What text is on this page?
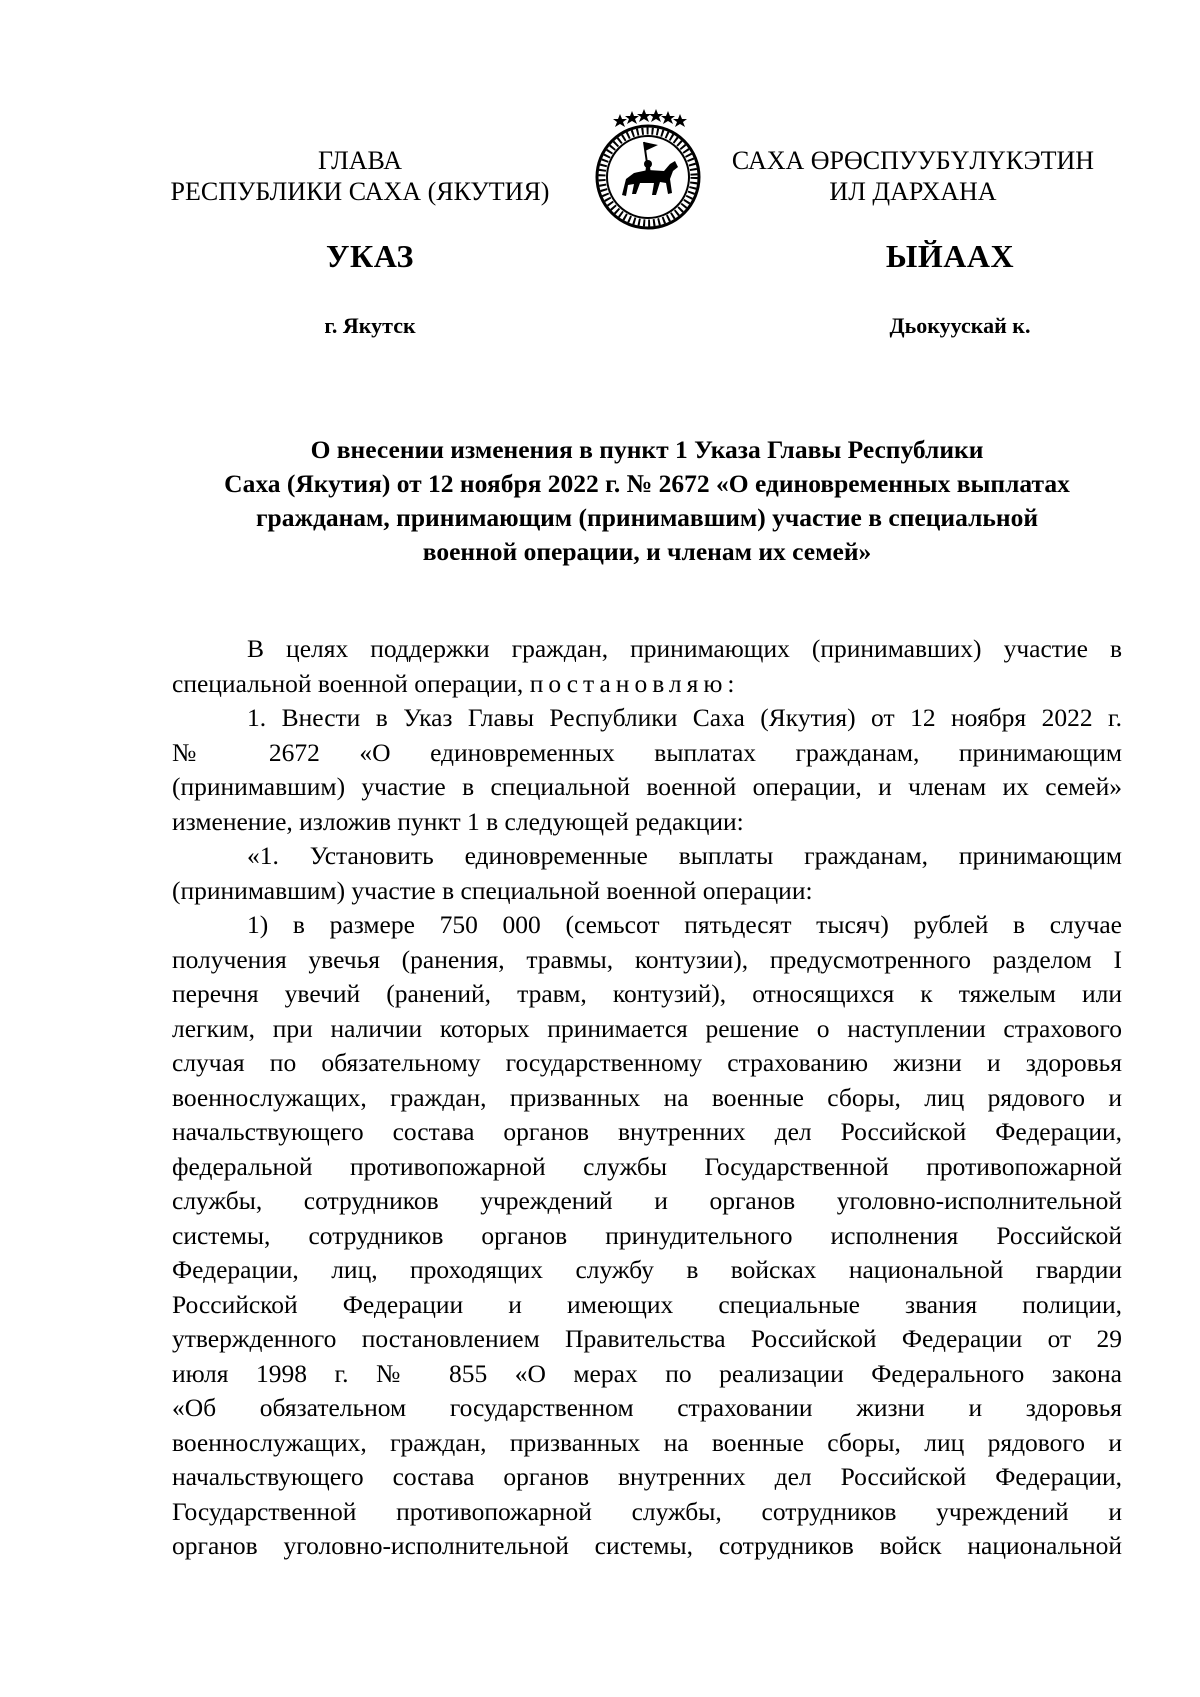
ГЛАВА
РЕСПУБЛИКИ САХА (ЯКУТИЯ)
САХА ӨРӨСПУУБҮЛҮКЭТИН
ИЛ ДАРХАНА
УКАЗ	ЫЙААХ
г. Якутск	Дьокуускай к.
О внесении изменения в пункт 1 Указа Главы Республики
Саха (Якутия) от 12 ноября 2022 г. № 2672 «О единовременных выплатах
гражданам, принимающим (принимавшим) участие в специальной
военной операции, и членам их семей»
В целях поддержки граждан, принимающих (принимавших) участие в
специальной военной операции, постановляю:
1. Внести в Указ Главы Республики Саха (Якутия) от 12 ноября 2022 г.
№ 2672 «О единовременных выплатах гражданам, принимающим
(принимавшим) участие в специальной военной операции, и членам их семей»
изменение, изложив пункт 1 в следующей редакции:
«1. Установить единовременные выплаты гражданам, принимающим
(принимавшим) участие в специальной военной операции:
1) в размере 750 000 (семьсот пятьдесят тысяч) рублей в случае
получения увечья (ранения, травмы, контузии), предусмотренного разделом I
перечня увечий (ранений, травм, контузий), относящихся к тяжелым или
легким, при наличии которых принимается решение о наступлении страхового
случая по обязательному государственному страхованию жизни и здоровья
военнослужащих, граждан, призванных на военные сборы, лиц рядового и
начальствующего состава органов внутренних дел Российской Федерации,
федеральной противопожарной службы Государственной противопожарной
службы, сотрудников учреждений и органов уголовно-исполнительной
системы, сотрудников органов принудительного исполнения Российской
Федерации, лиц, проходящих службу в войсках национальной гвардии
Российской Федерации и имеющих специальные звания полиции,
утвержденного постановлением Правительства Российской Федерации от 29
июля 1998 г. № 855 «О мерах по реализации Федерального закона
«Об обязательном государственном страховании жизни и здоровья
военнослужащих, граждан, призванных на военные сборы, лиц рядового и
начальствующего состава органов внутренних дел Российской Федерации,
Государственной противопожарной службы, сотрудников учреждений и
органов уголовно-исполнительной системы, сотрудников войск национальной
